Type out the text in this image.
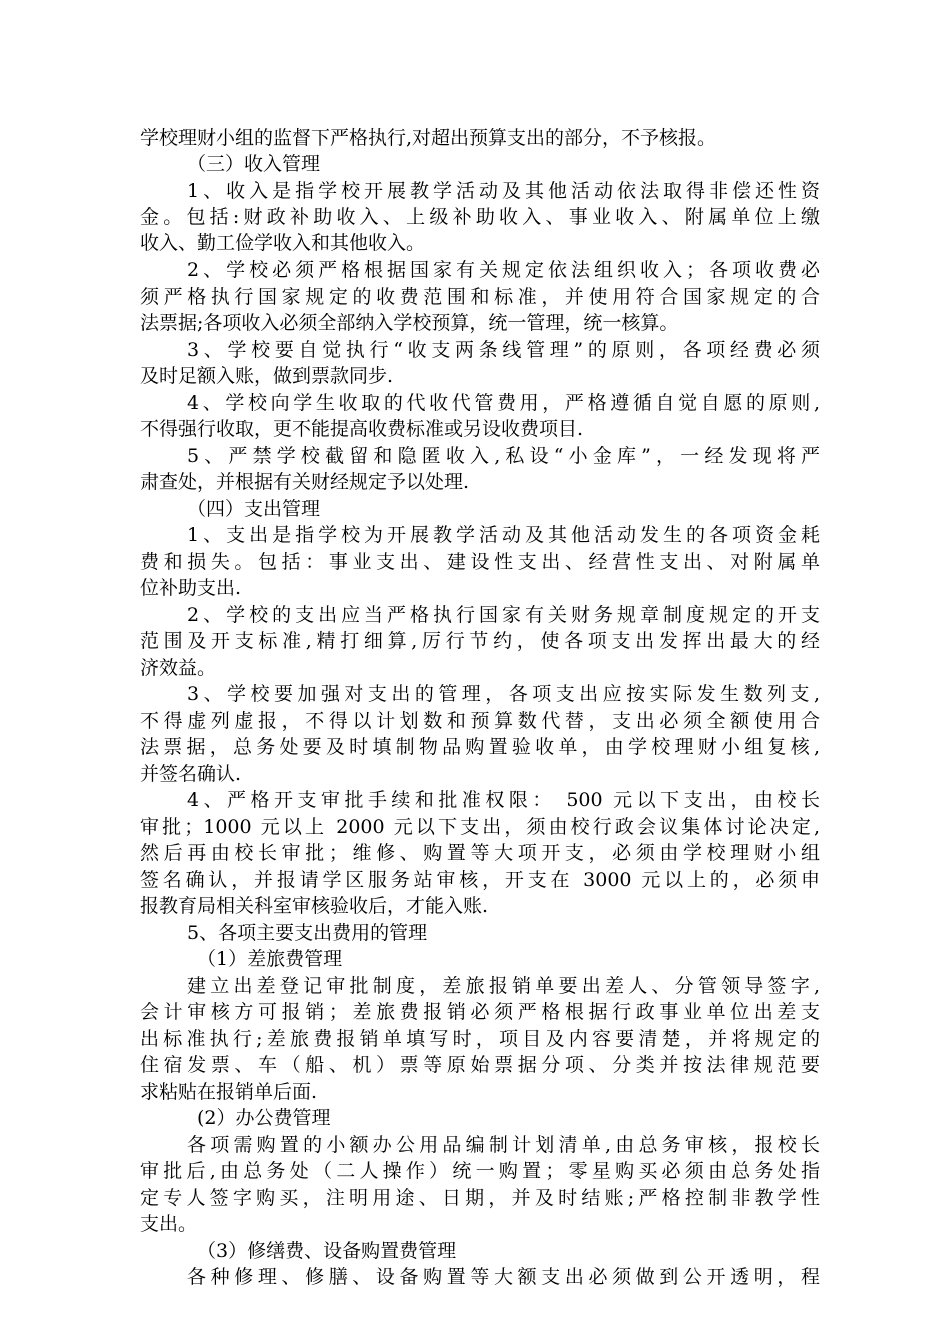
学校理财小组的监督下严格执行,对超出预算支出的部分，不予核报。
（三）收入管理
1、收入是指学校开展教学活动及其他活动依法取得非偿还性资
金。包括:财政补助收入、上级补助收入、事业收入、附属单位上缴
收入、勤工俭学收入和其他收入。
2、学校必须严格根据国家有关规定依法组织收入；各项收费必
须严格执行国家规定的收费范围和标准，并使用符合国家规定的合
法票据;各项收入必须全部纳入学校预算，统一管理，统一核算。
3、学校要自觉执行“收支两条线管理”的原则，各项经费必须
及时足额入账，做到票款同步.
4、学校向学生收取的代收代管费用，严格遵循自觉自愿的原则,
不得强行收取，更不能提高收费标准或另设收费项目.
5、严禁学校截留和隐匿收入,私设“小金库”，一经发现将严
肃查处，并根据有关财经规定予以处理.
（四）支出管理
1、支出是指学校为开展教学活动及其他活动发生的各项资金耗
费和损失。包括：事业支出、建设性支出、经营性支出、对附属单
位补助支出.
2、学校的支出应当严格执行国家有关财务规章制度规定的开支
范围及开支标准,精打细算,厉行节约，使各项支出发挥出最大的经
济效益。
3、学校要加强对支出的管理，各项支出应按实际发生数列支,
不得虚列虚报，不得以计划数和预算数代替，支出必须全额使用合
法票据，总务处要及时填制物品购置验收单，由学校理财小组复核,
并签名确认.
4、严格开支审批手续和批准权限： 500 元以下支出，由校长
审批；1000 元以上 2000 元以下支出，须由校行政会议集体讨论决定,
然后再由校长审批；维修、购置等大项开支，必须由学校理财小组
签名确认，并报请学区服务站审核，开支在 3000 元以上的，必须申
报教育局相关科室审核验收后，才能入账.
5、各项主要支出费用的管理
（1）差旅费管理
建立出差登记审批制度，差旅报销单要出差人、分管领导签字,
会计审核方可报销；差旅费报销必须严格根据行政事业单位出差支
出标准执行;差旅费报销单填写时，项目及内容要清楚，并将规定的
住宿发票、车（船、机）票等原始票据分项、分类并按法律规范要
求粘贴在报销单后面.
(2）办公费管理
各项需购置的小额办公用品编制计划清单,由总务审核，报校长
审批后,由总务处（二人操作）统一购置；零星购买必须由总务处指
定专人签字购买，注明用途、日期，并及时结账;严格控制非教学性
支出。
（3）修缮费、设备购置费管理
各种修理、修膳、设备购置等大额支出必须做到公开透明，程
